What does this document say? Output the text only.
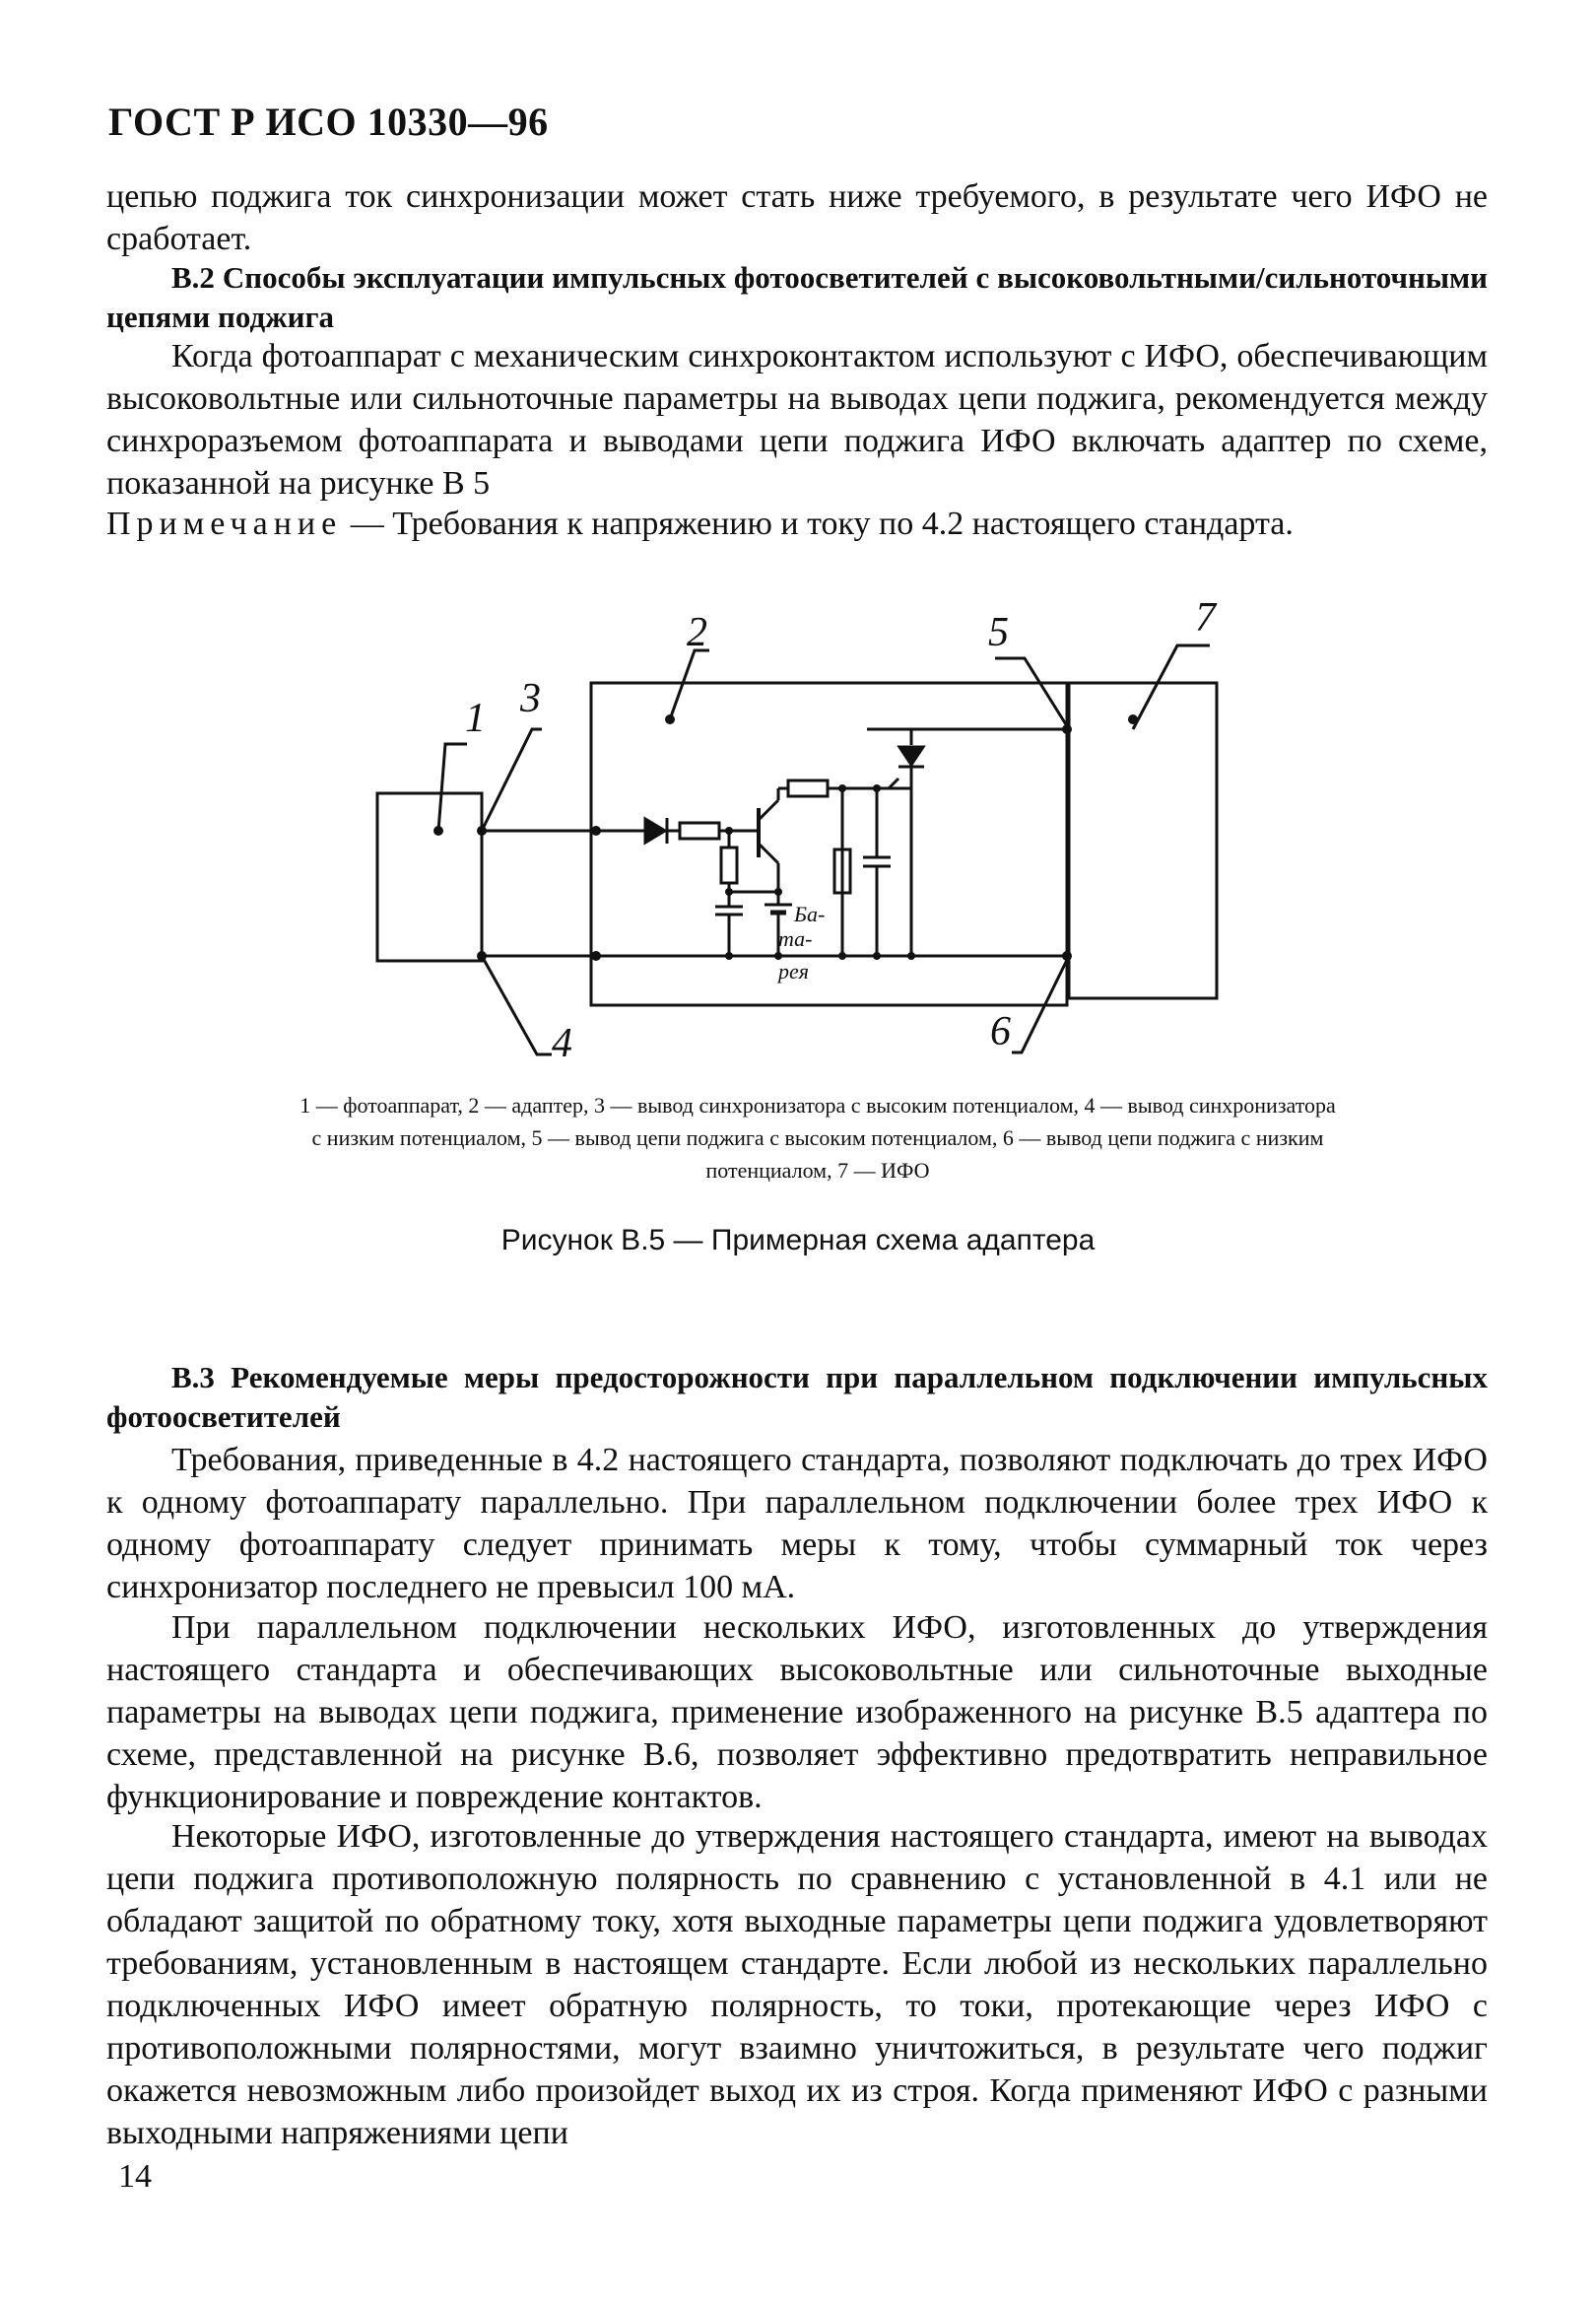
ГОСТ Р ИСО 10330—96
цепью поджига ток синхронизации может стать ниже требуемого, в результате чего ИФО не сработает.
В.2 Способы эксплуатации импульсных фотоосветителей с высоковольтными/сильноточными цепями поджига
Когда фотоаппарат с механическим синхроконтактом используют с ИФО, обеспечивающим высоковольтные или сильноточные параметры на выводах цепи поджига, рекомендуется между синхроразъемом фотоаппарата и выводами цепи поджига ИФО включать адаптер по схеме, показанной на рисунке В 5
Примечание — Требования к напряжению и току по 4.2 настоящего стандарта.
1 3
2	5	7
4	6
Ба-
та-
рея
1 — фотоаппарат, 2 — адаптер, 3 — вывод синхронизатора с высоким потенциалом, 4 — вывод синхронизатора с низким потенциалом, 5 — вывод цепи поджига с высоким потенциалом, 6 — вывод цепи поджига с низким потенциалом, 7 — ИФО
Рисунок В.5 — Примерная схема адаптера
В.3 Рекомендуемые меры предосторожности при параллельном подключении импульсных фотоосветителей
Требования, приведенные в 4.2 настоящего стандарта, позволяют подключать до трех ИФО к одному фотоаппарату параллельно. При параллельном подключении более трех ИФО к одному фотоаппарату следует принимать меры к тому, чтобы суммарный ток через синхронизатор последнего не превысил 100 мА.
При параллельном подключении нескольких ИФО, изготовленных до утверждения настоящего стандарта и обеспечивающих высоковольтные или сильноточные выходные параметры на выводах цепи поджига, применение изображенного на рисунке В.5 адаптера по схеме, представленной на рисунке В.6, позволяет эффективно предотвратить неправильное функционирование и повреждение контактов.
Некоторые ИФО, изготовленные до утверждения настоящего стандарта, имеют на выводах цепи поджига противоположную полярность по сравнению с установленной в 4.1 или не обладают защитой по обратному току, хотя выходные параметры цепи поджига удовлетворяют требованиям, установленным в настоящем стандарте. Если любой из нескольких параллельно подключенных ИФО имеет обратную полярность, то токи, протекающие через ИФО с противоположными полярностями, могут взаимно уничтожиться, в результате чего поджиг окажется невозможным либо произойдет выход их из строя. Когда применяют ИФО с разными выходными напряжениями цепи
14
